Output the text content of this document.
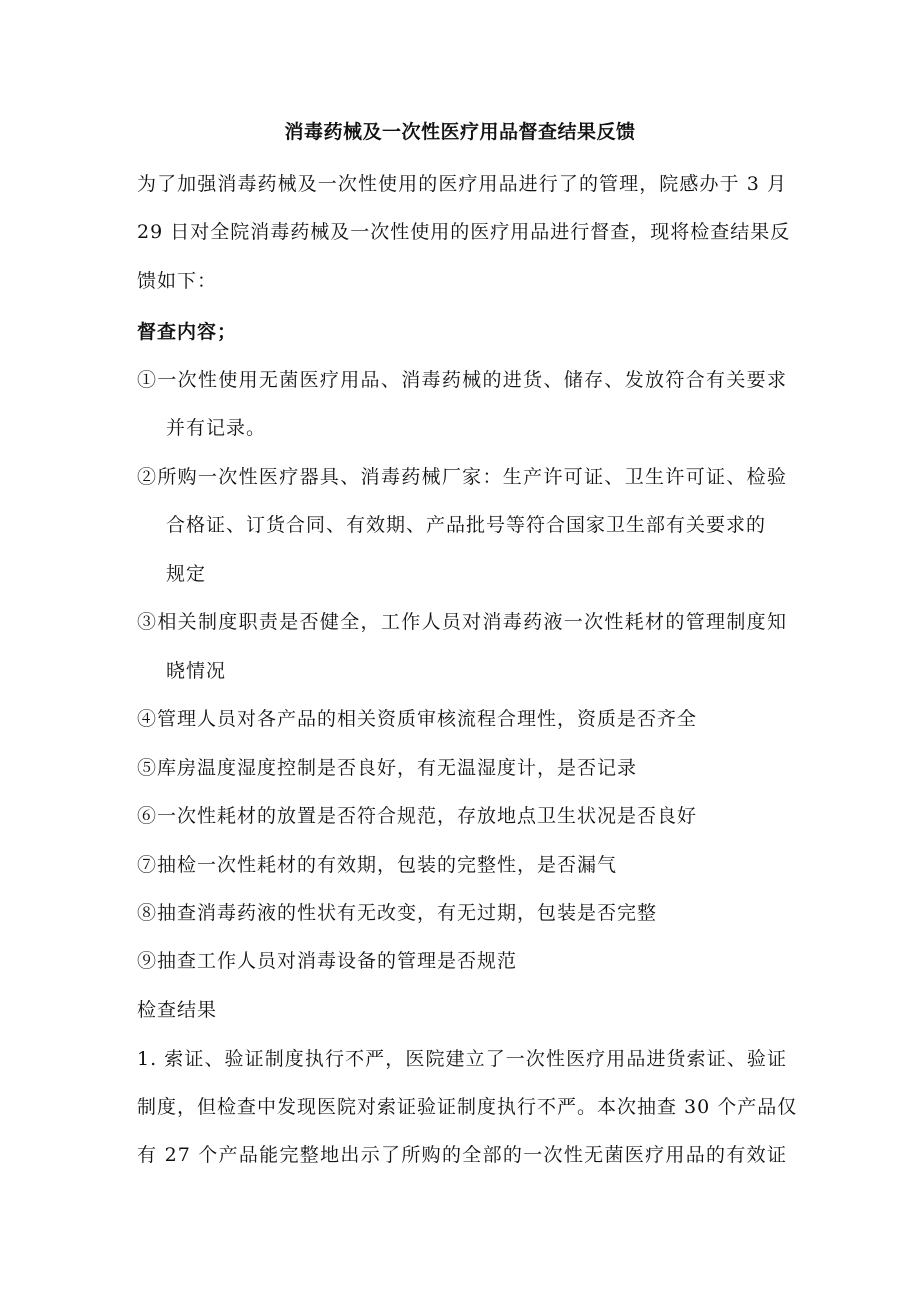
消毒药械及一次性医疗用品督查结果反馈
为了加强消毒药械及一次性使用的医疗用品进行了的管理，院感办于 3 月
29 日对全院消毒药械及一次性使用的医疗用品进行督查，现将检查结果反
馈如下：
督查内容；
①一次性使用无菌医疗用品、消毒药械的进货、储存、发放符合有关要求
并有记录。
②所购一次性医疗器具、消毒药械厂家：生产许可证、卫生许可证、检验
合格证、订货合同、有效期、产品批号等符合国家卫生部有关要求的
规定
③相关制度职责是否健全，工作人员对消毒药液一次性耗材的管理制度知
晓情况
④管理人员对各产品的相关资质审核流程合理性，资质是否齐全
⑤库房温度湿度控制是否良好，有无温湿度计，是否记录
⑥一次性耗材的放置是否符合规范，存放地点卫生状况是否良好
⑦抽检一次性耗材的有效期，包装的完整性，是否漏气
⑧抽查消毒药液的性状有无改变，有无过期，包装是否完整
⑨抽查工作人员对消毒设备的管理是否规范
检查结果
1. 索证、验证制度执行不严，医院建立了一次性医疗用品进货索证、验证
制度，但检查中发现医院对索证验证制度执行不严。本次抽查 30 个产品仅
有 27 个产品能完整地出示了所购的全部的一次性无菌医疗用品的有效证
